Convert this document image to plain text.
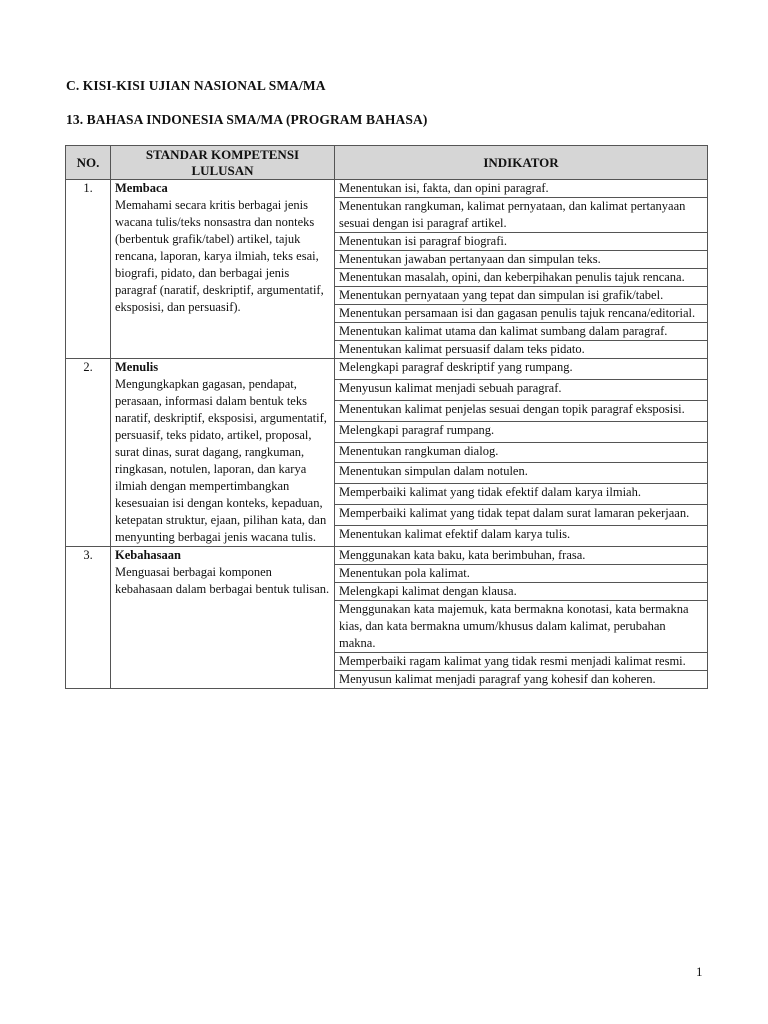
C. KISI-KISI UJIAN NASIONAL SMA/MA
13. BAHASA INDONESIA SMA/MA (PROGRAM BAHASA)
NO.	STANDAR KOMPETENSI LULUSAN	INDIKATOR
1.	Membaca
Memahami secara kritis berbagai jenis wacana tulis/teks nonsastra dan nonteks (berbentuk grafik/tabel) artikel, tajuk rencana, laporan, karya ilmiah, teks esai, biografi, pidato, dan berbagai jenis paragraf (naratif, deskriptif, argumentatif, eksposisi, dan persuasif).	Menentukan isi, fakta, dan opini paragraf.
		Menentukan rangkuman, kalimat pernyataan, dan kalimat pertanyaan sesuai dengan isi paragraf artikel.
		Menentukan isi paragraf biografi.
		Menentukan jawaban pertanyaan dan simpulan teks.
		Menentukan masalah, opini, dan keberpihakan penulis tajuk rencana.
		Menentukan pernyataan yang tepat dan simpulan isi grafik/tabel.
		Menentukan persamaan isi dan gagasan penulis tajuk rencana/editorial.
		Menentukan kalimat utama dan kalimat sumbang dalam paragraf.
		Menentukan kalimat persuasif dalam teks pidato.
2.	Menulis
Mengungkapkan gagasan, pendapat, perasaan, informasi dalam bentuk teks naratif, deskriptif, eksposisi, argumentatif, persuasif, teks pidato, artikel, proposal, surat dinas, surat dagang, rangkuman, ringkasan, notulen, laporan, dan karya ilmiah dengan mempertimbangkan kesesuaian isi dengan konteks, kepaduan, ketepatan struktur, ejaan, pilihan kata, dan menyunting berbagai jenis wacana tulis.	Melengkapi paragraf deskriptif yang rumpang.
		Menyusun kalimat menjadi sebuah paragraf.
		Menentukan kalimat penjelas sesuai dengan topik paragraf eksposisi.
		Melengkapi paragraf rumpang.
		Menentukan rangkuman dialog.
		Menentukan simpulan dalam notulen.
		Memperbaiki kalimat yang tidak efektif dalam karya ilmiah.
		Memperbaiki kalimat yang tidak tepat dalam surat lamaran pekerjaan.
		Menentukan kalimat efektif dalam karya tulis.
3.	Kebahasaan
Menguasai berbagai komponen kebahasaan dalam berbagai bentuk tulisan.	Menggunakan kata baku, kata berimbuhan, frasa.
		Menentukan pola kalimat.
		Melengkapi kalimat dengan klausa.
		Menggunakan kata majemuk, kata bermakna konotasi, kata bermakna kias, dan kata bermakna umum/khusus dalam kalimat, perubahan makna.
		Memperbaiki ragam kalimat yang tidak resmi menjadi kalimat resmi.
		Menyusun kalimat menjadi paragraf yang kohesif dan koheren.
1
